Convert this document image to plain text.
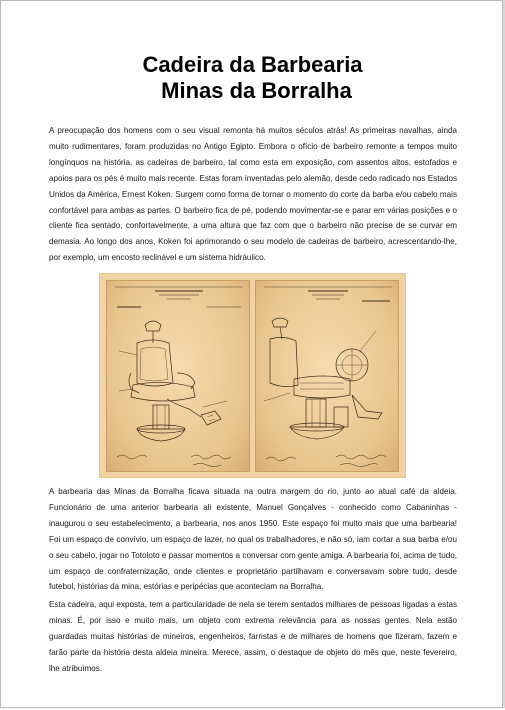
Cadeira da Barbearia
Minas da Borralha

A preocupação dos homens com o seu visual remonta há muitos séculos atrás! As primeiras navalhas, ainda muito rudimentares, foram produzidas no Antigo Egipto. Embora o ofício de barbeiro remonte a tempos muito longínquos na história, as cadeiras de barbeiro, tal como esta em exposição, com assentos altos, estofados e apoios para os pés é muito mais recente. Estas foram inventadas pelo alemão, desde cedo radicado nos Estados Unidos da América, Ernest Koken. Surgem como forma de tornar o momento do corte da barba e/ou cabelo mais confortável para ambas as partes. O barbeiro fica de pé, podendo movimentar-se e parar em várias posições e o cliente fica sentado, confortavelmente, a uma altura que faz com que o barbeiro não precise de se curvar em demasia. Ao longo dos anos, Koken foi aprimorando o seu modelo de cadeiras de barbeiro, acrescentando-lhe, por exemplo, um encosto reclinável e um sistema hidráulico.

A barbearia das Minas da Borralha ficava situada na outra margem do rio, junto ao atual café da aldeia. Funcionário de uma anterior barbearia ali existente, Manuel Gonçalves - conhecido como Cabaninhas - inaugurou o seu estabelecimento, a barbearia, nos anos 1950. Este espaço foi muito mais que uma barbearia! Foi um espaço de convívio, um espaço de lazer, no qual os trabalhadores, e não só, iam cortar a sua barba e/ou o seu cabelo, jogar no Totoloto e passar momentos a conversar com gente amiga. A barbearia foi, acima de tudo, um espaço de confraternização, onde clientes e proprietário partilhavam e conversavam sobre tudo, desde futebol, histórias da mina, estórias e peripécias que aconteciam na Borralha.

Esta cadeira, aqui exposta, tem a particularidade de nela se terem sentados milhares de pessoas ligadas a estas minas. É, por isso e muito mais, um objeto com extrema relevância para as nossas gentes. Nela estão guardadas muitas histórias de mineiros, engenheiros, farristas e de milhares de homens que fizeram, fazem e farão parte da história desta aldeia mineira. Merece, assim, o destaque de objeto do mês que, neste fevereiro, lhe atribuímos.
